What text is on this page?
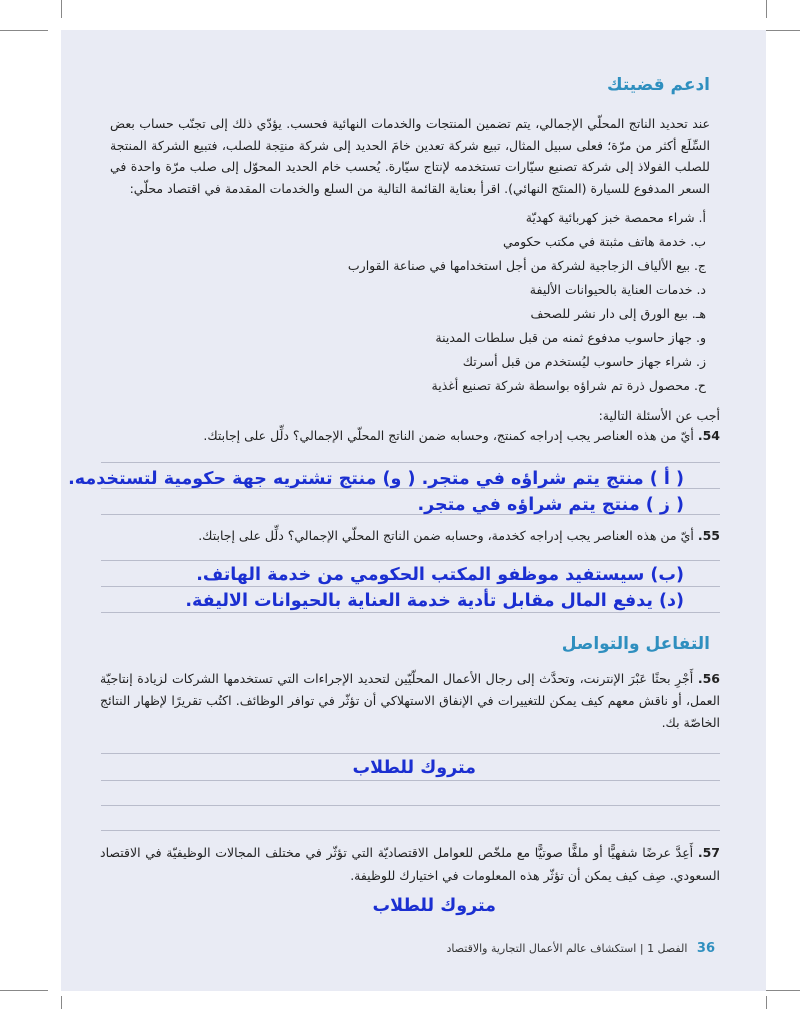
ادعم قضيتك
عند تحديد الناتج المحلّي الإجمالي، يتم تضمين المنتجات والخدمات النهائية فحسب. يؤدّي ذلك إلى تجنّب حساب بعض السِّلَع أكثر من مرّة؛ فعلى سبيل المثال، تبيع شركة تعدين خامَ الحديد إلى شركة منتِجة للصلب، فتبيع الشركة المنتجة للصلب الفولاذ إلى شركة تصنيع سيّارات تستخدمه لإنتاج سيّارة. يُحسب خام الحديد المحوّل إلى صلب مرّة واحدة في السعر المدفوع للسيارة (المنتَج النهائي). اقرأ بعناية القائمة التالية من السلع والخدمات المقدمة في اقتصاد محلّي:
أ. شراء محمصة خبز كهربائية كهديّة
ب. خدمة هاتف مثبتة في مكتب حكومي
ج. بيع الألياف الزجاجية لشركة من أجل استخدامها في صناعة القوارب
د. خدمات العناية بالحيوانات الأليفة
هـ. بيع الورق إلى دار نشر للصحف
و. جهاز حاسوب مدفوع ثمنه من قبل سلطات المدينة
ز. شراء جهاز حاسوب ليُستخدم من قبل أسرتك
ح. محصول ذرة تم شراؤه بواسطة شركة تصنيع أغذية
أجب عن الأسئلة التالية:
54. أيّ من هذه العناصر يجب إدراجه كمنتج، وحسابه ضمن الناتج المحلّي الإجمالي؟ دلِّل على إجابتك.
( أ ) منتج يتم شراؤه في متجر. ( و) منتج تشتريه جهة حكومية لتستخدمه.
( ز ) منتج يتم شراؤه في متجر.
55. أيّ من هذه العناصر يجب إدراجه كخدمة، وحسابه ضمن الناتج المحلّي الإجمالي؟ دلِّل على إجابتك.
(ب) سيستفيد موظفو المكتب الحكومي من خدمة الهاتف.
(د) يدفع المال مقابل تأدية خدمة العناية بالحيوانات الاليفة.
التفاعل والتواصل
56. أَجْرِ بحثًا عَبْرَ الإنترنت، وتحدَّث إلى رجال الأعمال المحلّيّين لتحديد الإجراءات التي تستخدمها الشركات لزيادة إنتاجيّة العمل، أو ناقش معهم كيف يمكن للتغييرات في الإنفاق الاستهلاكي أن تؤثّر في توافر الوظائف. اكتُب تقريرًا لإظهار النتائج الخاصّة بك.
متروك للطلاب
57. أَعِدَّ عرضًا شفهيًّا أو ملفًّا صوتيًّا مع ملخّص للعوامل الاقتصاديّة التي تؤثّر في مختلف المجالات الوظيفيّة في الاقتصاد السعودي. صِف كيف يمكن أن تؤثّر هذه المعلومات في اختيارك للوظيفة.
متروك للطلاب
36 الفصل 1 | استكشاف عالم الأعمال التجارية والاقتصاد
